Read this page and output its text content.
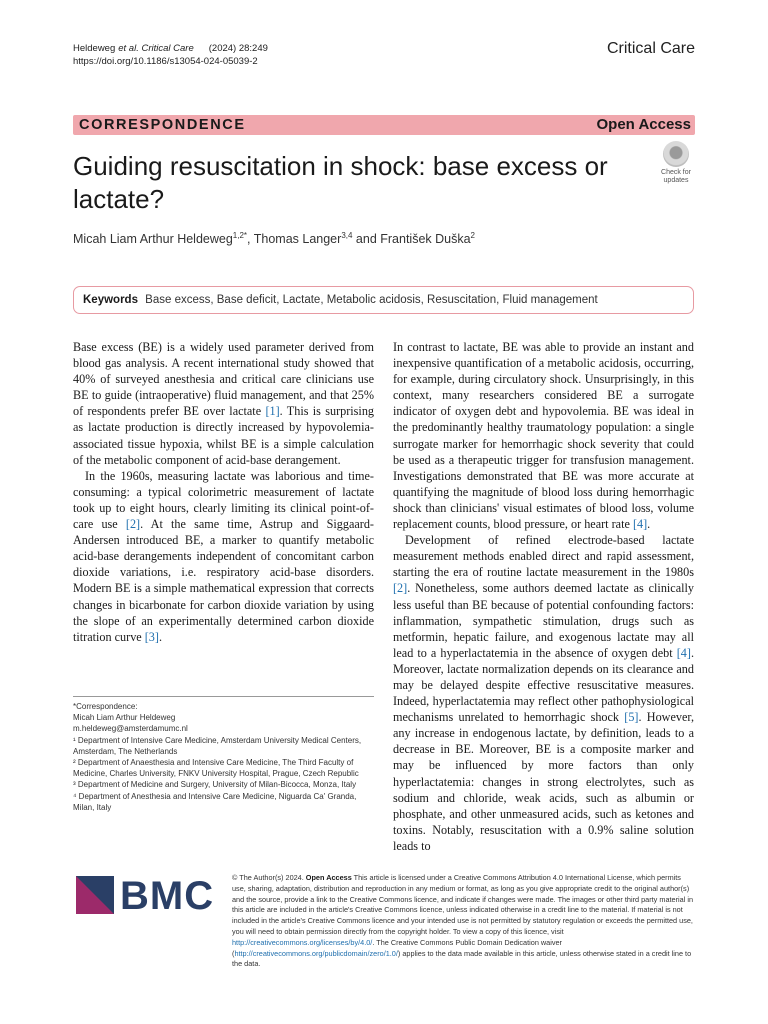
Heldeweg et al. Critical Care (2024) 28:249
https://doi.org/10.1186/s13054-024-05039-2
Critical Care
CORRESPONDENCE	Open Access
Guiding resuscitation in shock: base excess or lactate?
Check for
updates
Micah Liam Arthur Heldeweg$^{1,2*}$, Thomas Langer$^{3,4}$ and František Duška$^2$
Keywords Base excess, Base deficit, Lactate, Metabolic acidosis, Resuscitation, Fluid management

Base excess (BE) is a widely used parameter derived from blood gas analysis. A recent international study showed that 40% of surveyed anesthesia and critical care clinicians use BE to guide (intraoperative) fluid management, and that 25% of respondents prefer BE over lactate [1]. This is surprising as lactate production is directly increased by hypovolemia-associated tissue hypoxia, whilst BE is a simple calculation of the metabolic component of acid-base derangement.

In the 1960s, measuring lactate was laborious and time-consuming: a typical colorimetric measurement of lactate took up to eight hours, clearly limiting its clinical point-of-care use [2]. At the same time, Astrup and Siggaard-Andersen introduced BE, a marker to quantify metabolic acid-base derangements independent of concomitant carbon dioxide variations, i.e. respiratory acid-base disorders. Modern BE is a simple mathematical expression that corrects changes in bicarbonate for carbon dioxide variation by using the slope of an experimentally determined carbon dioxide titration curve [3].

In contrast to lactate, BE was able to provide an instant and inexpensive quantification of a metabolic acidosis, occurring, for example, during circulatory shock. Unsurprisingly, in this context, many researchers considered BE a surrogate indicator of oxygen debt and hypovolemia. BE was ideal in the predominantly healthy traumatology population: a single surrogate marker for hemorrhagic shock severity that could be used as a therapeutic trigger for transfusion management. Investigations demonstrated that BE was more accurate at quantifying the magnitude of blood loss during hemorrhagic shock than clinicians' visual estimates of blood loss, volume replacement counts, blood pressure, or heart rate [4].

Development of refined electrode-based lactate measurement methods enabled direct and rapid assessment, starting the era of routine lactate measurement in the 1980s [2]. Nonetheless, some authors deemed lactate as clinically less useful than BE because of potential confounding factors: inflammation, sympathetic stimulation, drugs such as metformin, hepatic failure, and exogenous lactate may all lead to a hyperlactatemia in the absence of oxygen debt [4]. Moreover, lactate normalization depends on its clearance and may be delayed despite effective resuscitative measures. Indeed, hyperlactatemia may reflect other pathophysiological mechanisms unrelated to hemorrhagic shock [5]. However, any increase in endogenous lactate, by definition, leads to a decrease in BE. Moreover, BE is a composite marker and may be influenced by more factors than only hyperlactatemia: changes in strong electrolytes, such as sodium and chloride, weak acids, such as albumin or phosphate, and other unmeasured acids, such as ketones and toxins. Notably, resuscitation with a 0.9% saline solution leads to

*Correspondence:

Micah Liam Arthur Heldeweg

m.heldeweg@amsterdamumc.nl

¹ Department of Intensive Care Medicine, Amsterdam University Medical Centers, Amsterdam, The Netherlands

² Department of Anaesthesia and Intensive Care Medicine, The Third Faculty of Medicine, Charles University, FNKV University Hospital, Prague, Czech Republic

³ Department of Medicine and Surgery, University of Milan-Bicocca, Monza, Italy

⁴ Department of Anesthesia and Intensive Care Medicine, Niguarda Ca' Granda, Milan, Italy

BMC © The Author(s) 2024. Open Access This article is licensed under a Creative Commons Attribution 4.0 International License, which permits use, sharing, adaptation, distribution and reproduction in any medium or format, as long as you give appropriate credit to the original author(s) and the source, provide a link to the Creative Commons licence, and indicate if changes were made. The images or other third party material in this article are included in the article's Creative Commons licence, unless indicated otherwise in a credit line to the material. If material is not included in the article's Creative Commons licence and your intended use is not permitted by statutory regulation or exceeds the permitted use, you will need to obtain permission directly from the copyright holder. To view a copy of this licence, visit http://creativecommons.org/licenses/by/4.0/. The Creative Commons Public Domain Dedication waiver (http://creativecommons.org/publicdomain/zero/1.0/) applies to the data made available in this article, unless otherwise stated in a credit line to the data.
